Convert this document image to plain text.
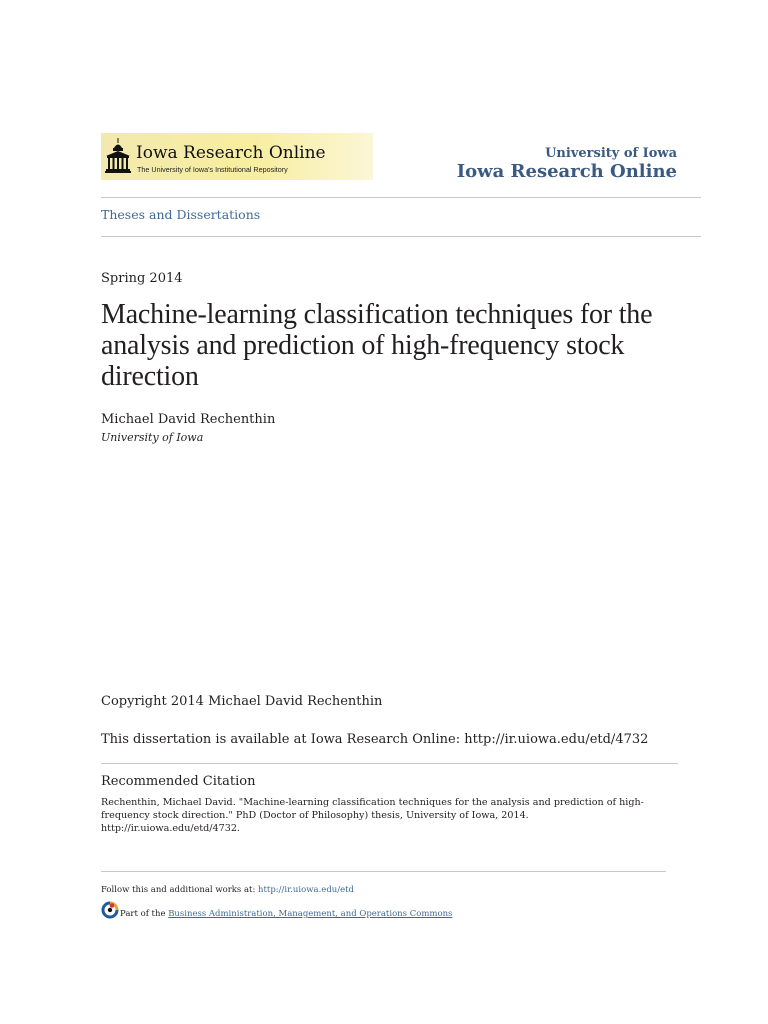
Iowa Research Online
The University of Iowa's Institutional Repository
University of Iowa
Iowa Research Online
Theses and Dissertations
Spring 2014
Machine-learning classification techniques for the analysis and prediction of high-frequency stock direction
Michael David Rechenthin
University of Iowa
Copyright 2014 Michael David Rechenthin
This dissertation is available at Iowa Research Online: http://ir.uiowa.edu/etd/4732
Recommended Citation
Rechenthin, Michael David. "Machine-learning classification techniques for the analysis and prediction of high-frequency stock direction." PhD (Doctor of Philosophy) thesis, University of Iowa, 2014. http://ir.uiowa.edu/etd/4732.
Follow this and additional works at: http://ir.uiowa.edu/etd
Part of the Business Administration, Management, and Operations Commons
